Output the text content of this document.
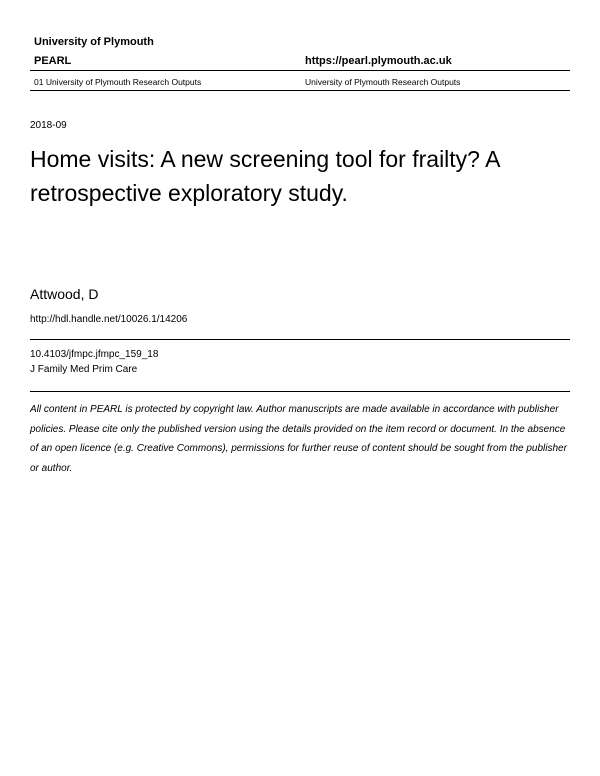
University of Plymouth
PEARL	https://pearl.plymouth.ac.uk
01 University of Plymouth Research Outputs	University of Plymouth Research Outputs
2018-09
Home visits: A new screening tool for frailty? A retrospective exploratory study.
Attwood, D
http://hdl.handle.net/10026.1/14206
10.4103/jfmpc.jfmpc_159_18
J Family Med Prim Care

All content in PEARL is protected by copyright law. Author manuscripts are made available in accordance with publisher policies. Please cite only the published version using the details provided on the item record or document. In the absence of an open licence (e.g. Creative Commons), permissions for further reuse of content should be sought from the publisher or author.
